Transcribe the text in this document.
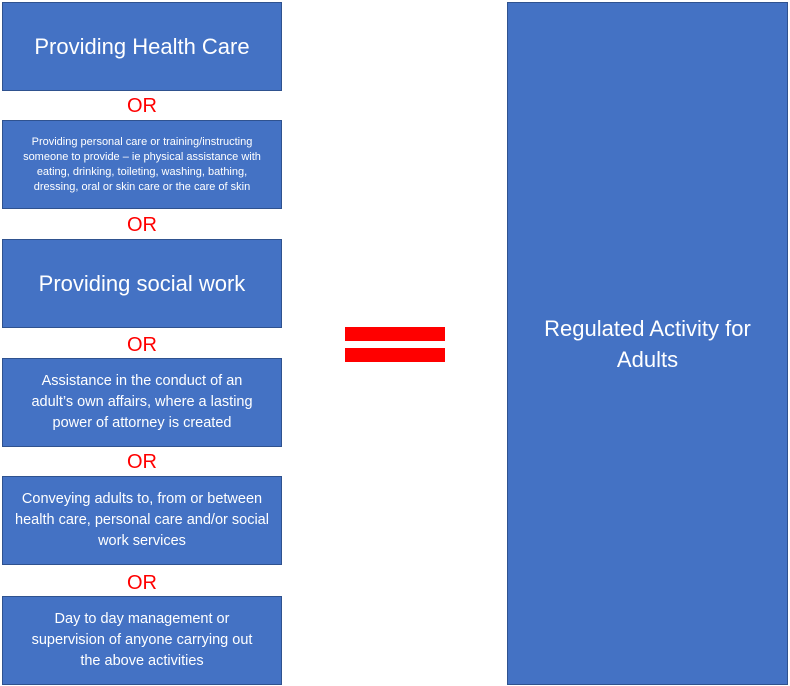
Providing Health Care
OR
Providing personal care or training/instructing someone to provide – ie physical assistance with eating, drinking, toileting, washing, bathing, dressing, oral or skin care or the care of skin
OR
Providing social work
OR
Assistance in the conduct of an adult’s own affairs, where a lasting power of attorney is created
OR
Conveying adults to, from or between health care, personal care and/or social work services
OR
Day to day management or supervision of anyone carrying out the above activities
Regulated Activity for Adults
